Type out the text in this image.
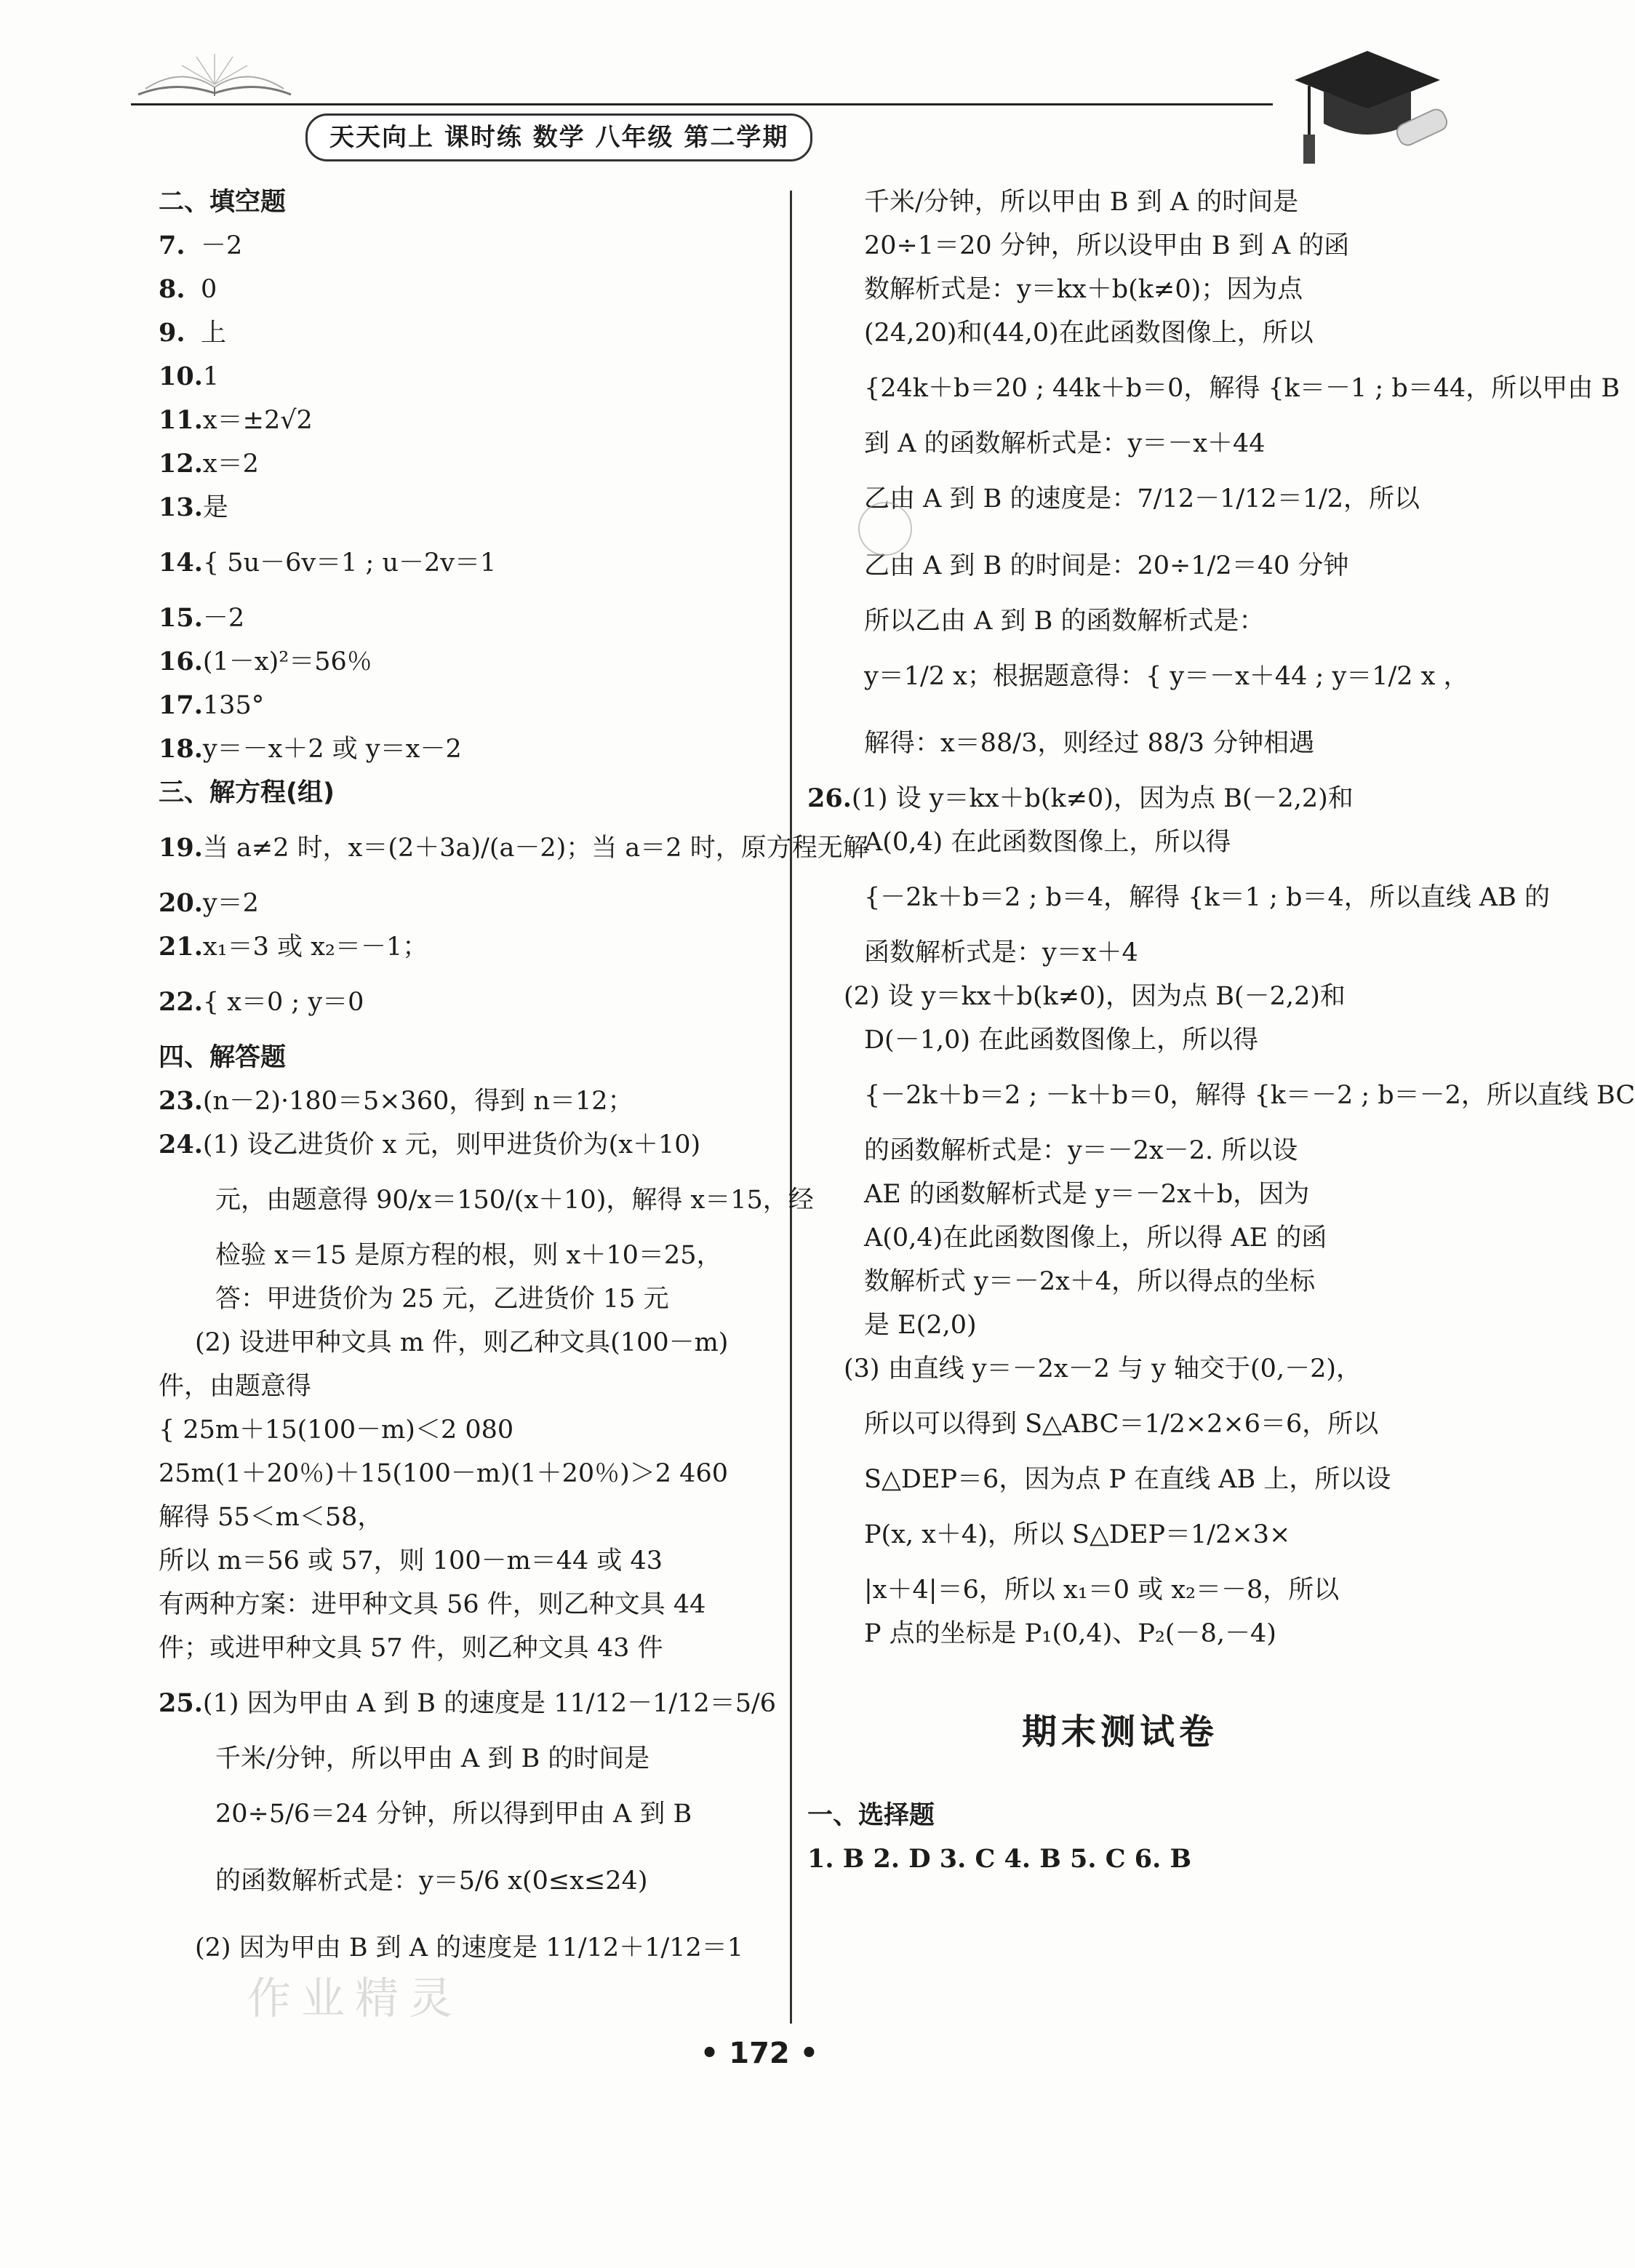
天天向上 课时练 数学 八年级 第二学期
二、填空题
7. －2
8. 0
9. 上
10.1
11.x＝±2√2
12.x＝2
13.是
14.{ 5u－6v＝1 ; u－2v＝1
15.－2
16.(1－x)²＝56％
17.135°
18.y＝－x＋2 或 y＝x－2
三、解方程(组)
19.当 a≠2 时，x＝(2＋3a)/(a－2)；当 a＝2 时，原方程无解
20.y＝2
21.x₁＝3 或 x₂＝－1；
22.{ x＝0 ; y＝0
四、解答题
23.(n－2)·180＝5×360，得到 n＝12；
24.(1) 设乙进货价 x 元，则甲进货价为(x＋10)
元，由题意得 90/x＝150/(x＋10)，解得 x＝15，经
检验 x＝15 是原方程的根，则 x＋10＝25，
答：甲进货价为 25 元，乙进货价 15 元
(2) 设进甲种文具 m 件，则乙种文具(100－m)
件，由题意得
{ 25m＋15(100－m)＜2 080
25m(1＋20％)＋15(100－m)(1＋20％)＞2 460
解得 55＜m＜58，
所以 m＝56 或 57，则 100－m＝44 或 43
有两种方案：进甲种文具 56 件，则乙种文具 44
件；或进甲种文具 57 件，则乙种文具 43 件
25.(1) 因为甲由 A 到 B 的速度是 11/12－1/12＝5/6
千米/分钟，所以甲由 A 到 B 的时间是
20÷5/6＝24 分钟，所以得到甲由 A 到 B
的函数解析式是：y＝5/6 x(0≤x≤24)
(2) 因为甲由 B 到 A 的速度是 11/12＋1/12＝1
千米/分钟，所以甲由 B 到 A 的时间是
20÷1＝20 分钟，所以设甲由 B 到 A 的函
数解析式是：y＝kx＋b(k≠0)；因为点
(24,20)和(44,0)在此函数图像上，所以
{24k＋b＝20 ; 44k＋b＝0，解得 {k＝－1 ; b＝44，所以甲由 B
到 A 的函数解析式是：y＝－x＋44
乙由 A 到 B 的速度是：7/12－1/12＝1/2，所以
乙由 A 到 B 的时间是：20÷1/2＝40 分钟
所以乙由 A 到 B 的函数解析式是：
y＝1/2 x；根据题意得：{ y＝－x＋44 ; y＝1/2 x ，
解得：x＝88/3，则经过 88/3 分钟相遇
26.(1) 设 y＝kx＋b(k≠0)，因为点 B(－2,2)和
A(0,4) 在此函数图像上，所以得
{－2k＋b＝2 ; b＝4，解得 {k＝1 ; b＝4，所以直线 AB 的
函数解析式是：y＝x＋4
(2) 设 y＝kx＋b(k≠0)，因为点 B(－2,2)和
D(－1,0) 在此函数图像上，所以得
{－2k＋b＝2 ; －k＋b＝0，解得 {k＝－2 ; b＝－2，所以直线 BC
的函数解析式是：y＝－2x－2. 所以设
AE 的函数解析式是 y＝－2x＋b，因为
A(0,4)在此函数图像上，所以得 AE 的函
数解析式 y＝－2x＋4，所以得点的坐标
是 E(2,0)
(3) 由直线 y＝－2x－2 与 y 轴交于(0,－2)，
所以可以得到 S△ABC＝1/2×2×6＝6，所以
S△DEP＝6，因为点 P 在直线 AB 上，所以设
P(x, x＋4)，所以 S△DEP＝1/2×3×
|x＋4|＝6，所以 x₁＝0 或 x₂＝－8，所以
P 点的坐标是 P₁(0,4)、P₂(－8,－4)
期末测试卷
一、选择题
1. B 2. D 3. C 4. B 5. C 6. B
作业精灵
• 172 •
